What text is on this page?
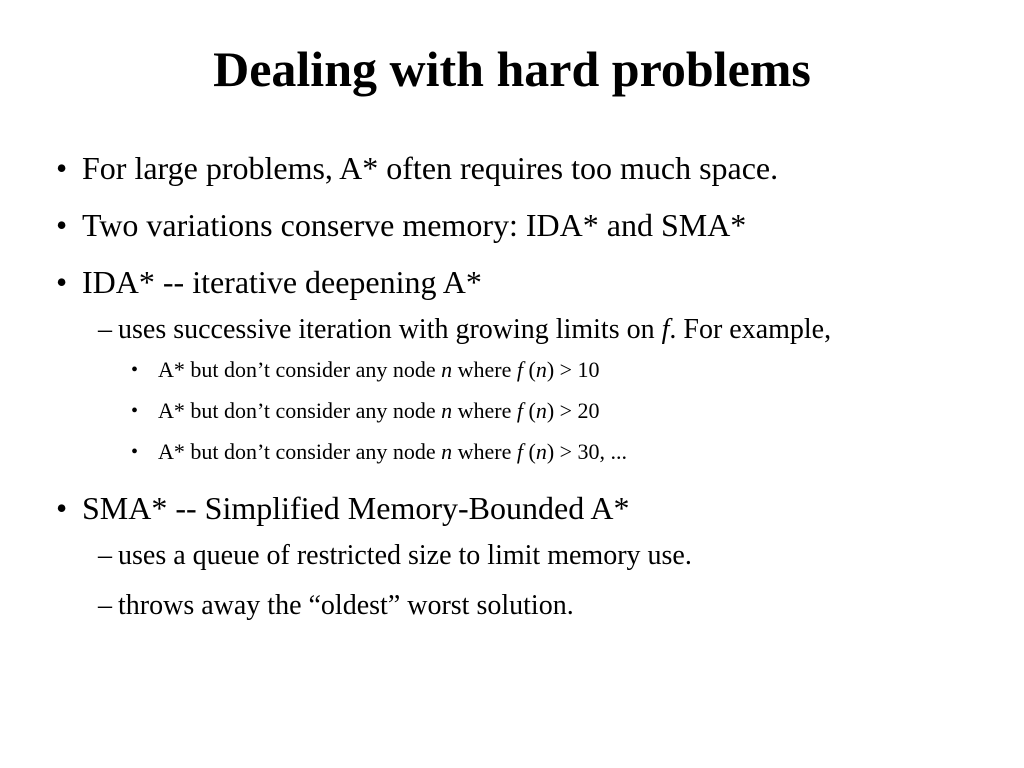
Dealing with hard problems
• For large problems, A* often requires too much space.
• Two variations conserve memory: IDA* and SMA*
• IDA* -- iterative deepening A*
– uses successive iteration with growing limits on f. For example,
• A* but don’t consider any node n where f (n) > 10
• A* but don’t consider any node n where f (n) > 20
• A* but don’t consider any node n where f (n) > 30, ...
• SMA* -- Simplified Memory-Bounded A*
– uses a queue of restricted size to limit memory use.
– throws away the “oldest” worst solution.
